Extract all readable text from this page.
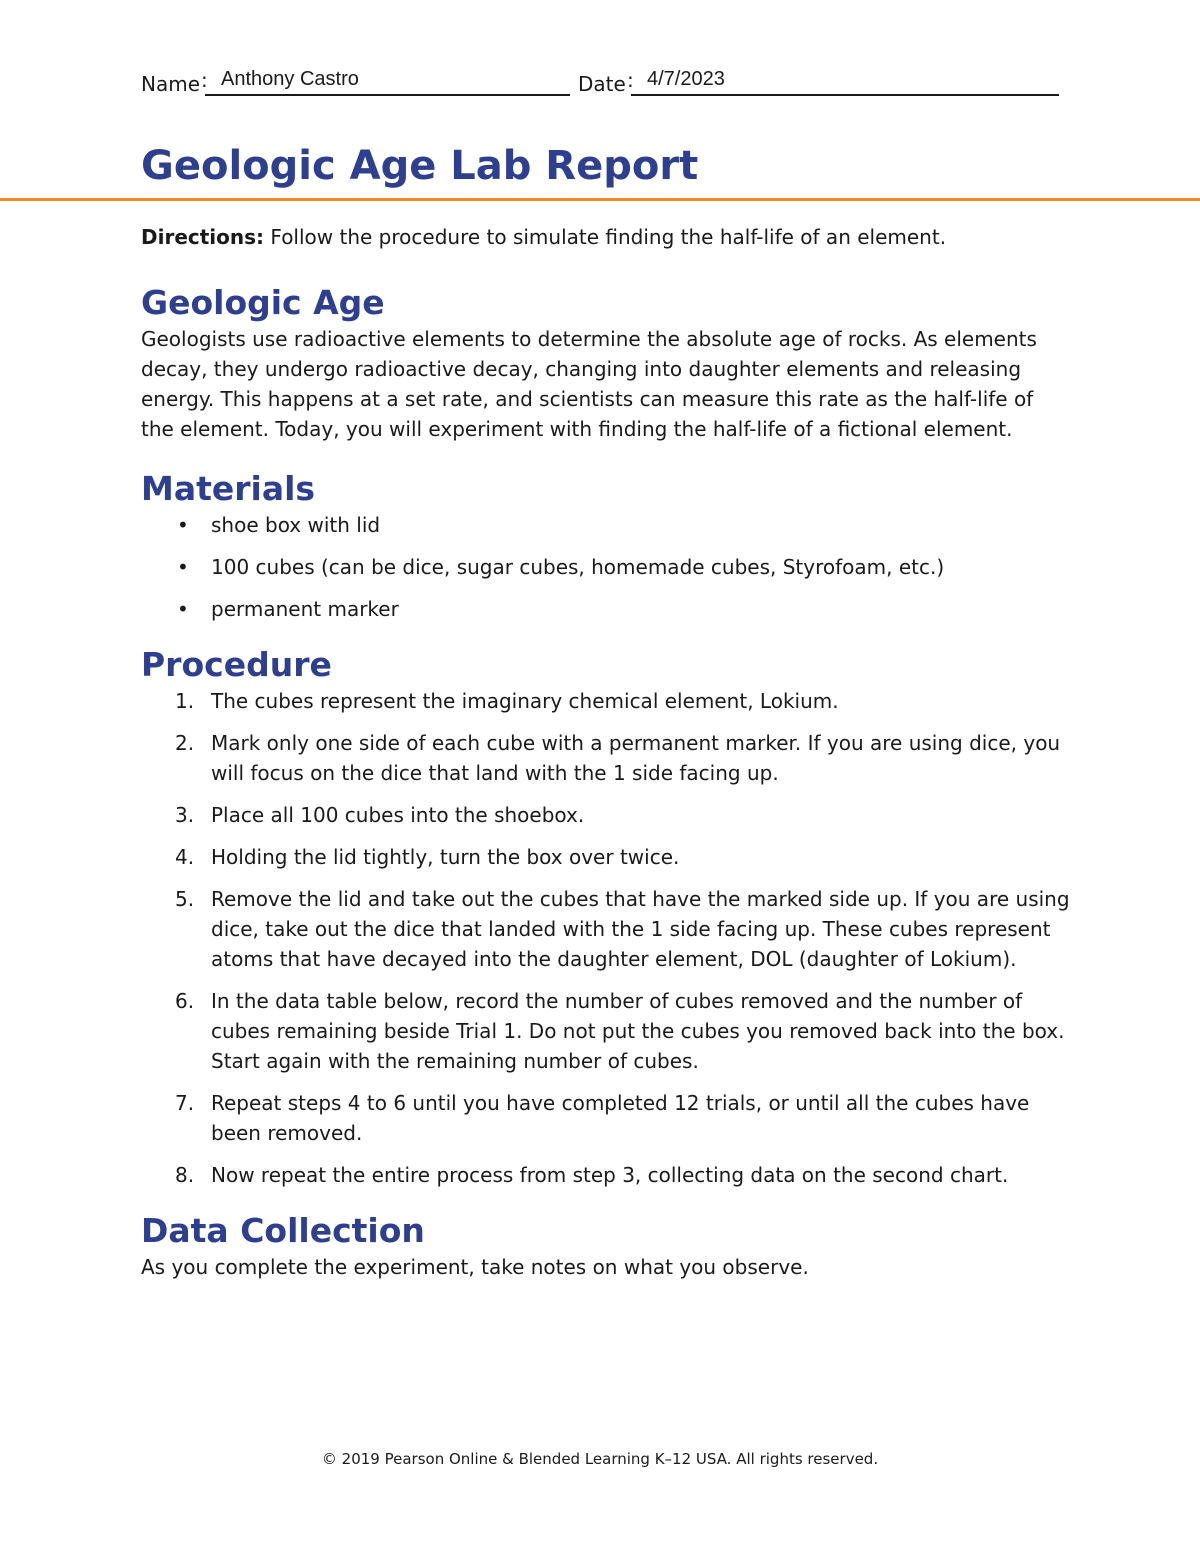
Name : Anthony Castro	Date : 4/7/2023
Geologic Age Lab Report

Directions: Follow the procedure to simulate finding the half-life of an element.

Geologic Age

Geologists use radioactive elements to determine the absolute age of rocks. As elements decay, they undergo radioactive decay, changing into daughter elements and releasing energy. This happens at a set rate, and scientists can measure this rate as the half-life of the element. Today, you will experiment with finding the half-life of a fictional element.

Materials
• shoe box with lid
• 100 cubes (can be dice, sugar cubes, homemade cubes, Styrofoam, etc.)
• permanent marker
Procedure
1. The cubes represent the imaginary chemical element, Lokium.
2. Mark only one side of each cube with a permanent marker. If you are using dice, you will focus on the dice that land with the 1 side facing up.
3. Place all 100 cubes into the shoebox.
4. Holding the lid tightly, turn the box over twice.
5. Remove the lid and take out the cubes that have the marked side up. If you are using dice, take out the dice that landed with the 1 side facing up. These cubes represent atoms that have decayed into the daughter element, DOL (daughter of Lokium).
6. In the data table below, record the number of cubes removed and the number of cubes remaining beside Trial 1. Do not put the cubes you removed back into the box. Start again with the remaining number of cubes.
7. Repeat steps 4 to 6 until you have completed 12 trials, or until all the cubes have been removed.
8. Now repeat the entire process from step 3, collecting data on the second chart.
Data Collection

As you complete the experiment, take notes on what you observe.

© 2019 Pearson Online & Blended Learning K–12 USA. All rights reserved.
